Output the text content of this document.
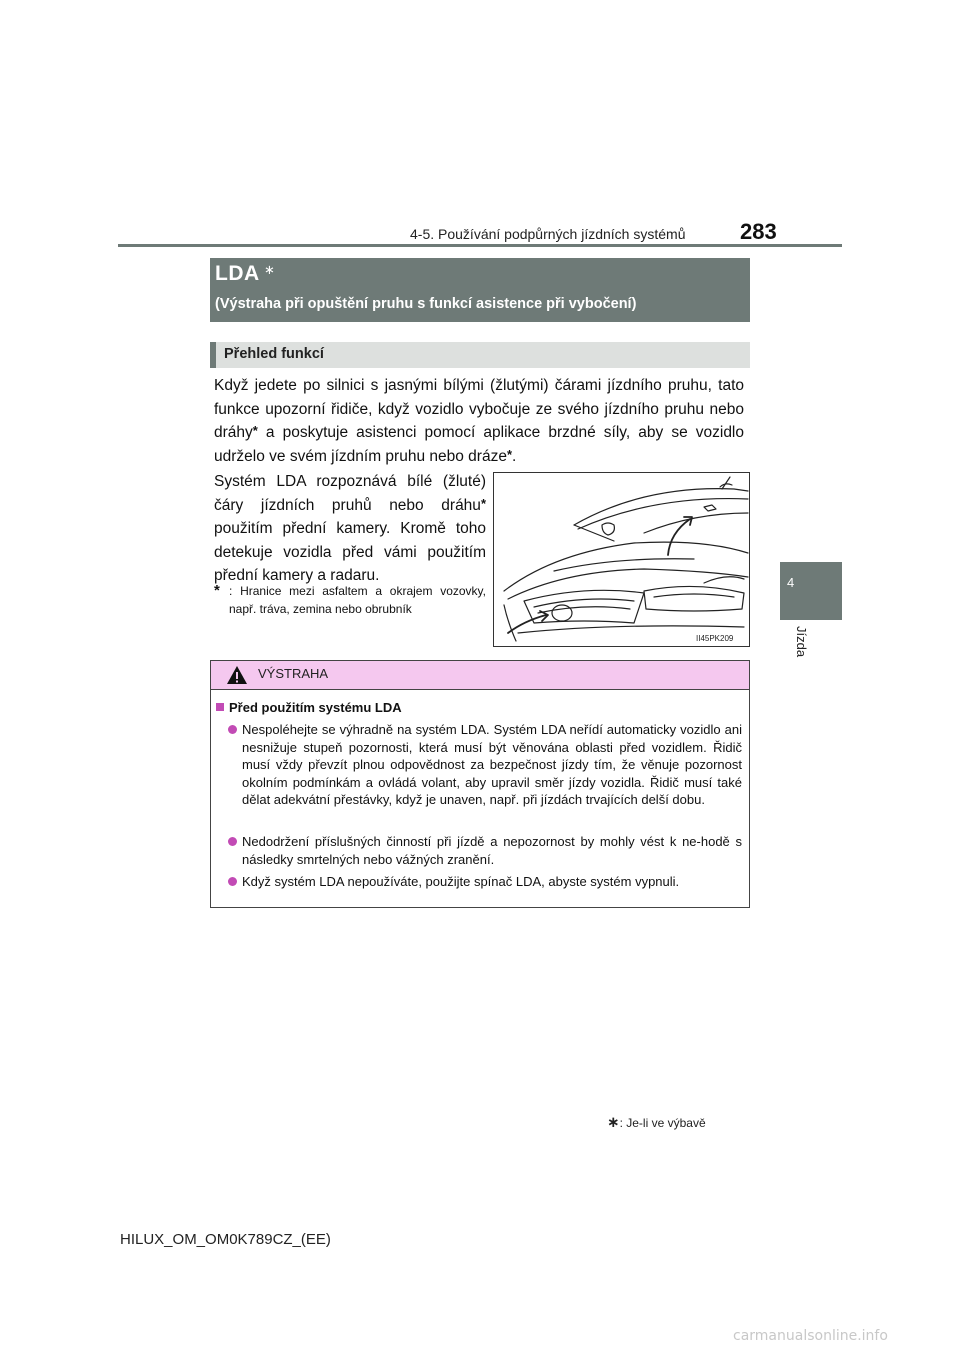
4-5. Používání podpůrných jízdních systémů 283
4
Jízda
LDA ∗
(Výstraha při opuštění pruhu s funkcí asistence při vybočení)
Přehled funkcí
Když jedete po silnici s jasnými bílými (žlutými) čárami jízdního pruhu, tato funkce upozorní řidiče, když vozidlo vybočuje ze svého jízdního pruhu nebo dráhy* a poskytuje asistenci pomocí aplikace brzdné síly, aby se vozidlo udrželo ve svém jízdním pruhu nebo dráze*.
Systém LDA rozpoznává bílé (žluté) čáry jízdních pruhů nebo dráhu* použitím přední kamery. Kromě toho detekuje vozidla před vámi použitím přední kamery a radaru.
* : Hranice mezi asfaltem a okrajem vozovky, např. tráva, zemina nebo obrubník
II45PK209
VÝSTRAHA
Před použitím systému LDA
Nespoléhejte se výhradně na systém LDA. Systém LDA neřídí automaticky vozidlo ani nesnižuje stupeň pozornosti, která musí být věnována oblasti před vozidlem. Řidič musí vždy převzít plnou odpovědnost za bezpečnost jízdy tím, že věnuje pozornost okolním podmínkám a ovládá volant, aby upravil směr jízdy vozidla. Řidič musí také dělat adekvátní přestávky, když je unaven, např. při jízdách trvajících delší dobu.
Nedodržení příslušných činností při jízdě a nepozornost by mohly vést k ne-hodě s následky smrtelných nebo vážných zranění.
Když systém LDA nepoužíváte, použijte spínač LDA, abyste systém vypnuli.
∗: Je-li ve výbavě
HILUX_OM_OM0K789CZ_(EE)
carmanualsonline.info
